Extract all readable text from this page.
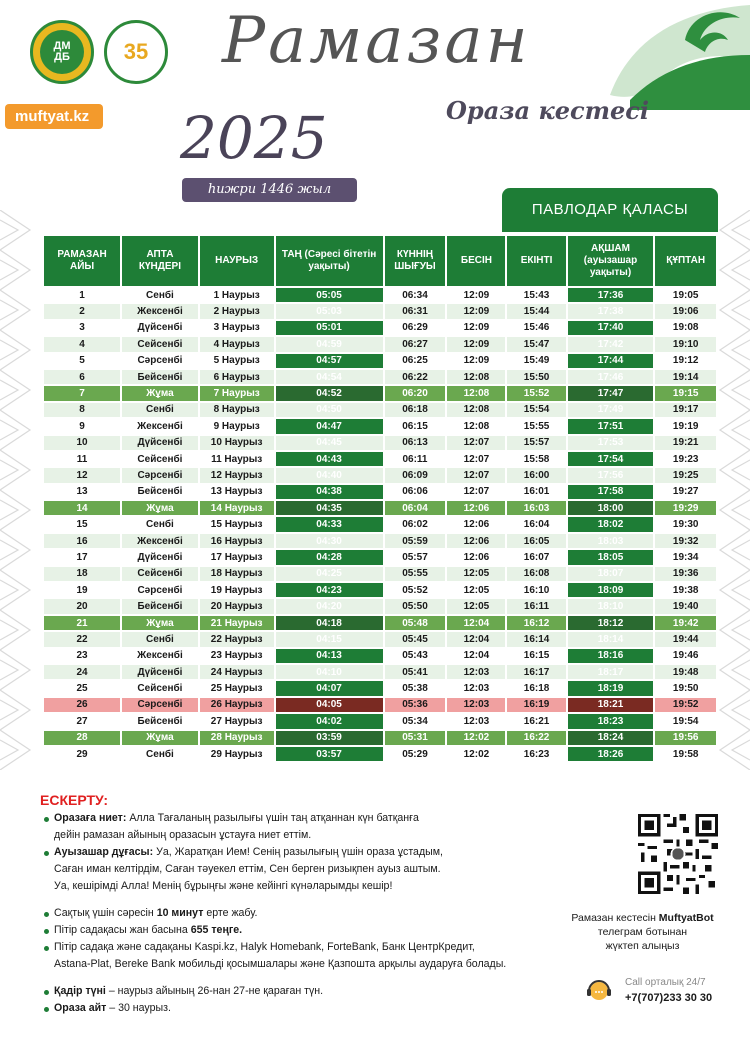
ДМ
ДБ	35
muftyat.kz
Рамазан
Ораза кестесі
2025
һижри 1446 жыл
ПАВЛОДАР ҚАЛАСЫ
РАМАЗАН АЙЫ	АПТА КҮНДЕРІ	НАУРЫЗ	ТАҢ (Сәресі бітетін уақыты)	КҮННІҢ ШЫҒУЫ	БЕСІН	ЕКІНТІ	АҚШАМ (ауызашар уақыты)	ҚҰПТАН
1	Сенбі	1 Наурыз	05:05	06:34	12:09	15:43	17:36	19:05
2	Жексенбі	2 Наурыз	05:03	06:31	12:09	15:44	17:38	19:06
3	Дүйсенбі	3 Наурыз	05:01	06:29	12:09	15:46	17:40	19:08
4	Сейсенбі	4 Наурыз	04:59	06:27	12:09	15:47	17:42	19:10
5	Сәрсенбі	5 Наурыз	04:57	06:25	12:09	15:49	17:44	19:12
6	Бейсенбі	6 Наурыз	04:54	06:22	12:08	15:50	17:46	19:14
7	Жұма	7 Наурыз	04:52	06:20	12:08	15:52	17:47	19:15
8	Сенбі	8 Наурыз	04:50	06:18	12:08	15:54	17:49	19:17
9	Жексенбі	9 Наурыз	04:47	06:15	12:08	15:55	17:51	19:19
10	Дүйсенбі	10 Наурыз	04:45	06:13	12:07	15:57	17:53	19:21
11	Сейсенбі	11 Наурыз	04:43	06:11	12:07	15:58	17:54	19:23
12	Сәрсенбі	12 Наурыз	04:40	06:09	12:07	16:00	17:56	19:25
13	Бейсенбі	13 Наурыз	04:38	06:06	12:07	16:01	17:58	19:27
14	Жұма	14 Наурыз	04:35	06:04	12:06	16:03	18:00	19:29
15	Сенбі	15 Наурыз	04:33	06:02	12:06	16:04	18:02	19:30
16	Жексенбі	16 Наурыз	04:30	05:59	12:06	16:05	18:03	19:32
17	Дүйсенбі	17 Наурыз	04:28	05:57	12:06	16:07	18:05	19:34
18	Сейсенбі	18 Наурыз	04:25	05:55	12:05	16:08	18:07	19:36
19	Сәрсенбі	19 Наурыз	04:23	05:52	12:05	16:10	18:09	19:38
20	Бейсенбі	20 Наурыз	04:20	05:50	12:05	16:11	18:10	19:40
21	Жұма	21 Наурыз	04:18	05:48	12:04	16:12	18:12	19:42
22	Сенбі	22 Наурыз	04:15	05:45	12:04	16:14	18:14	19:44
23	Жексенбі	23 Наурыз	04:13	05:43	12:04	16:15	18:16	19:46
24	Дүйсенбі	24 Наурыз	04:10	05:41	12:03	16:17	18:17	19:48
25	Сейсенбі	25 Наурыз	04:07	05:38	12:03	16:18	18:19	19:50
26	Сәрсенбі	26 Наурыз	04:05	05:36	12:03	16:19	18:21	19:52
27	Бейсенбі	27 Наурыз	04:02	05:34	12:03	16:21	18:23	19:54
28	Жұма	28 Наурыз	03:59	05:31	12:02	16:22	18:24	19:56
29	Сенбі	29 Наурыз	03:57	05:29	12:02	16:23	18:26	19:58
ЕСКЕРТУ:

Оразаға ниет: Алла Тағаланың разылығы үшін таң атқаннан күн батқанға

дейін рамазан айының оразасын ұстауға ниет еттім.

Ауызашар дұғасы: Уа, Жаратқан Ием! Сенің разылығың үшін ораза ұстадым,

Саған иман келтірдім, Саған тәуекел еттім, Сен берген ризықпен ауыз аштым.

Уа, кешірімді Алла! Менің бұрыңғы және кейінгі күнәларымды кешір!

Сақтық үшін сәресін 10 минут ерте жабу.

Пітір садақасы жан басына 655 теңге.

Пітір садақа және садақаны Kaspi.kz, Halyk Homebank, ForteBank, Банк ЦентрКредит,

Astana-Plat, Bereke Bank мобильді қосымшалары және Қазпошта арқылы аударуға болады.

Қадір түні – наурыз айының 26-нан 27-не қараған түн.

Ораза айт – 30 наурыз.

Рамазан кестесін MuftyatBot
телеграм ботынан
жүктеп алыңыз
Call орталық 24/7
+7(707)233 30 30
